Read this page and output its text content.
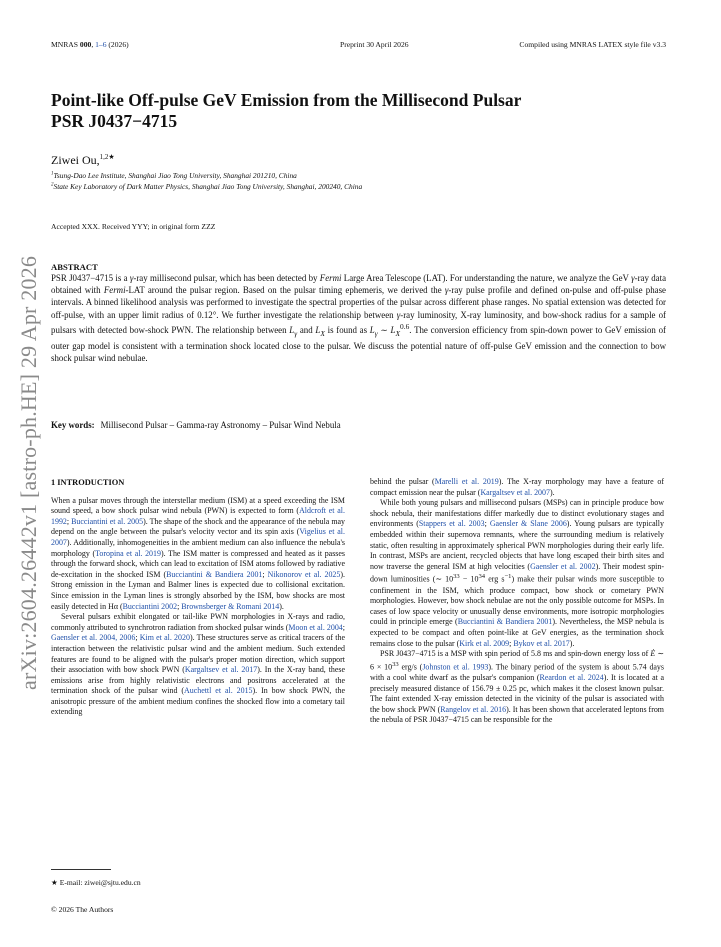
MNRAS 000, 1–6 (2026)	Preprint 30 April 2026	Compiled using MNRAS LATEX style file v3.3
arXiv:2604.26442v1 [astro-ph.HE] 29 Apr 2026
Point-like Off-pulse GeV Emission from the Millisecond Pulsar
PSR J0437−4715
Ziwei Ou,$^{1,2★}$
$^1$Tsung-Dao Lee Institute, Shanghai Jiao Tong University, Shanghai 201210, China
$^2$State Key Laboratory of Dark Matter Physics, Shanghai Jiao Tong University, Shanghai, 200240, China
Accepted XXX. Received YYY; in original form ZZZ
ABSTRACT
PSR J0437−4715 is a γ-ray millisecond pulsar, which has been detected by Fermi Large Area Telescope (LAT). For understanding the nature, we analyze the GeV γ-ray data obtained with Fermi-LAT around the pulsar region. Based on the pulsar timing ephemeris, we derived the γ-ray pulse profile and defined on-pulse and off-pulse phase intervals. A binned likelihood analysis was performed to investigate the spectral properties of the pulsar across different phase ranges. No spatial extension was detected for off-pulse, with an upper limit radius of 0.12°. We further investigate the relationship between γ-ray luminosity, X-ray luminosity, and bow-shock radius for a sample of pulsars with detected bow-shock PWN. The relationship between $L_\gamma$ and $L_X$ is found as $L_\gamma$ ∼ $L_X^{0.6}$. The conversion efficiency from spin-down power to GeV emission of outer gap model is consistent with a termination shock located close to the pulsar. We discuss the potential nature of off-pulse GeV emission and the connection to bow shock pulsar wind nebulae.
Key words: Millisecond Pulsar – Gamma-ray Astronomy – Pulsar Wind Nebula
1 INTRODUCTION

When a pulsar moves through the interstellar medium (ISM) at a speed exceeding the ISM sound speed, a bow shock pulsar wind nebula (PWN) is expected to form (Aldcroft et al. 1992; Bucciantini et al. 2005). The shape of the shock and the appearance of the nebula may depend on the angle between the pulsar's velocity vector and its spin axis (Vigelius et al. 2007). Additionally, inhomogeneities in the ambient medium can also influence the nebula's morphology (Toropina et al. 2019). The ISM matter is compressed and heated as it passes through the forward shock, which can lead to excitation of ISM atoms followed by radiative de-excitation in the shocked ISM (Bucciantini & Bandiera 2001; Nikonorov et al. 2025). Strong emission in the Lyman and Balmer lines is expected due to collisional excitation. Since emission in the Lyman lines is strongly absorbed by the ISM, bow shocks are most easily detected in Hα (Bucciantini 2002; Brownsberger & Romani 2014).

Several pulsars exhibit elongated or tail-like PWN morphologies in X-rays and radio, commonly attributed to synchrotron radiation from shocked pulsar winds (Moon et al. 2004; Gaensler et al. 2004, 2006; Kim et al. 2020). These structures serve as critical tracers of the interaction between the relativistic pulsar wind and the ambient medium. Such extended features are found to be aligned with the pulsar's proper motion direction, which support their association with bow shock PWN (Kargaltsev et al. 2017). In the X-ray band, these emissions arise from highly relativistic electrons and positrons accelerated at the termination shock of the pulsar wind (Auchettl et al. 2015). In bow shock PWN, the anisotropic pressure of the ambient medium confines the shocked flow into a cometary tail extending

behind the pulsar (Marelli et al. 2019). The X-ray morphology may have a feature of compact emission near the pulsar (Kargaltsev et al. 2007).

While both young pulsars and millisecond pulsars (MSPs) can in principle produce bow shock nebula, their manifestations differ markedly due to distinct evolutionary stages and environments (Stappers et al. 2003; Gaensler & Slane 2006). Young pulsars are typically embedded within their supernova remnants, where the surrounding medium is relatively static, often resulting in approximately spherical PWN morphologies during their early life. In contrast, MSPs are ancient, recycled objects that have long escaped their birth sites and now traverse the general ISM at high velocities (Gaensler et al. 2002). Their modest spin-down luminosities (∼ $10^{33} - 10^{34}$ erg $s^{-1}$) make their pulsar winds more susceptible to confinement in the ISM, which produce compact, bow shock or cometary PWN morphologies. However, bow shock nebulae are not the only possible outcome for MSPs. In cases of low space velocity or unusually dense environments, more isotropic morphologies could in principle emerge (Bucciantini & Bandiera 2001). Nevertheless, the MSP nebula is expected to be compact and often point-like at GeV energies, as the termination shock remains close to the pulsar (Kirk et al. 2009; Bykov et al. 2017).

PSR J0437−4715 is a MSP with spin period of 5.8 ms and spin-down energy loss of Ė ∼ $6 \times 10^{33}$ erg/s (Johnston et al. 1993). The binary period of the system is about 5.74 days with a cool white dwarf as the pulsar's companion (Reardon et al. 2024). It is located at a precisely measured distance of 156.79 ± 0.25 pc, which makes it the closest known pulsar. The faint extended X-ray emission detected in the vicinity of the pulsar is associated with the bow shock PWN (Rangelov et al. 2016). It has been shown that accelerated leptons from the nebula of PSR J0437−4715 can be responsible for the

★ E-mail: ziwei@sjtu.edu.cn
© 2026 The Authors
